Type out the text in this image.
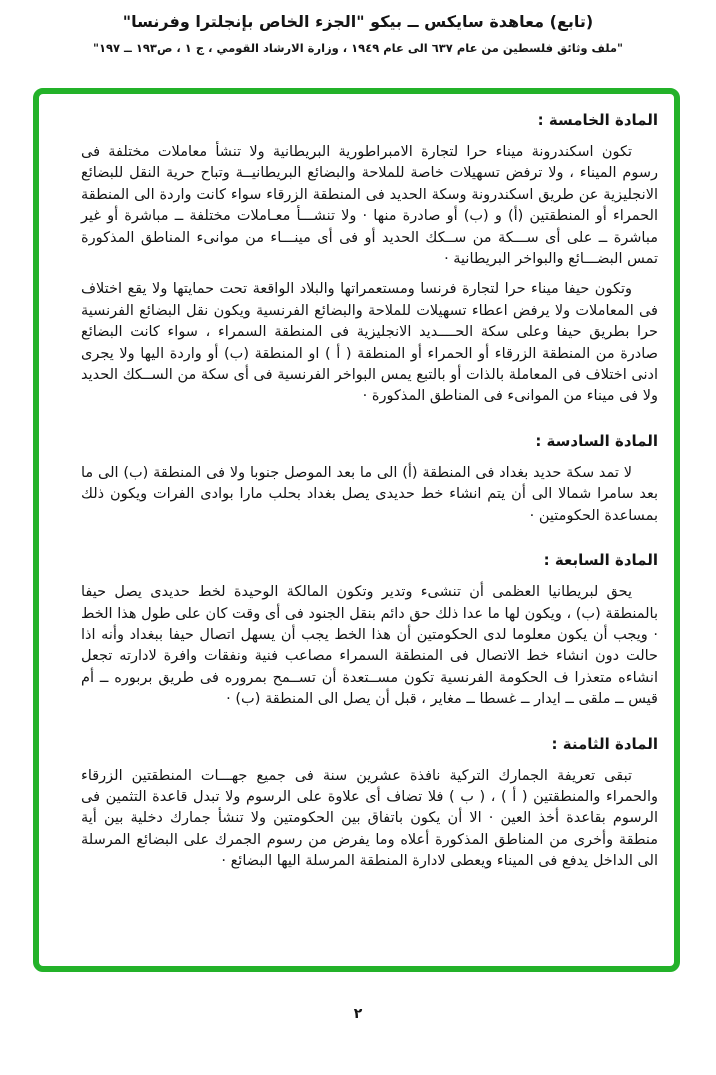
(تابع) معاهدة سايكس ــ بيكو "الجزء الخاص بإنجلترا وفرنسا"
"ملف وثائق فلسطين من عام ٦٣٧ الى عام ١٩٤٩ ، وزارة الارشاد القومي ، ج ١ ، ص١٩٣ ــ ١٩٧"
المادة الخامسة :

تكون اسكندرونة ميناء حرا لتجارة الامبراطورية البريطانية ولا تنشأ معاملات مختلفة فى رسوم الميناء ، ولا ترفض تسهيلات خاصة للملاحة والبضائع البريطانيــة وتباح حرية النقل للبضائع الانجليزية عن طريق اسكندرونة وسكة الحديد فى المنطقة الزرقاء سواء كانت واردة الى المنطقة الحمراء أو المنطقتين (أ) و (ب) أو صادرة منها · ولا تنشـــأ معـاملات مختلفة ــ مباشرة أو غير مباشرة ــ على أى ســـكة من ســكك الحديد أو فى أى مينـــاء من موانىء المناطق المذكورة تمس البضـــائع والبواخر البريطانية ·

وتكون حيفا ميناء حرا لتجارة فرنسا ومستعمراتها والبلاد الواقعة تحت حمايتها ولا يقع اختلاف فى المعاملات ولا يرفض اعطاء تسهيلات للملاحة والبضائع الفرنسية ويكون نقل البضائع الفرنسية حرا بطريق حيفا وعلى سكة الحــــديد الانجليزية فى المنطقة السمراء ، سواء كانت البضائع صادرة من المنطقة الزرقاء أو الحمراء أو المنطقة ( أ ) او المنطقة (ب) أو واردة اليها ولا يجرى ادنى اختلاف فى المعاملة بالذات أو بالتبع يمس البواخر الفرنسية فى أى سكة من الســكك الحديد ولا فى ميناء من الموانىء فى المناطق المذكورة ·

المادة السادسة :

لا تمد سكة حديد بغداد فى المنطقة (أ) الى ما بعد الموصل جنوبا ولا فى المنطقة (ب) الى ما بعد سامرا شمالا الى أن يتم انشاء خط حديدى يصل بغداد بحلب مارا بوادى الفرات ويكون ذلك بمساعدة الحكومتين ·

المادة السابعة :

يحق لبريطانيا العظمى أن تنشىء وتدير وتكون المالكة الوحيدة لخط حديدى يصل حيفا بالمنطقة (ب) ، ويكون لها ما عدا ذلك حق دائم بنقل الجنود فى أى وقت كان على طول هذا الخط · ويجب أن يكون معلوما لدى الحكومتين أن هذا الخط يجب أن يسهل اتصال حيفا ببغداد وأنه اذا حالت دون انشاء خط الاتصال فى المنطقة السمراء مصاعب فنية ونفقات وافرة لادارته تجعل انشاءه متعذرا ف الحكومة الفرنسية تكون مســتعدة أن تســمح بمروره فى طريق بربوره ــ أم قيس ــ ملقى ــ ايدار ــ غسطا ــ مغاير ، قبل أن يصل الى المنطقة (ب) ·

المادة الثامنة :

تبقى تعريفة الجمارك التركية نافذة عشرين سنة فى جميع جهـــات المنطقتين الزرقاء والحمراء والمنطقتين ( أ ) ، ( ب ) فلا تضاف أى علاوة على الرسوم ولا تبدل قاعدة التثمين فى الرسوم بقاعدة أخذ العين · الا أن يكون باتفاق بين الحكومتين ولا تنشأ جمارك دخلية بين أية منطقة وأخرى من المناطق المذكورة أعلاه وما يفرض من رسوم الجمرك على البضائع المرسلة الى الداخل يدفع فى الميناء ويعطى لادارة المنطقة المرسلة اليها البضائع ·

٢
